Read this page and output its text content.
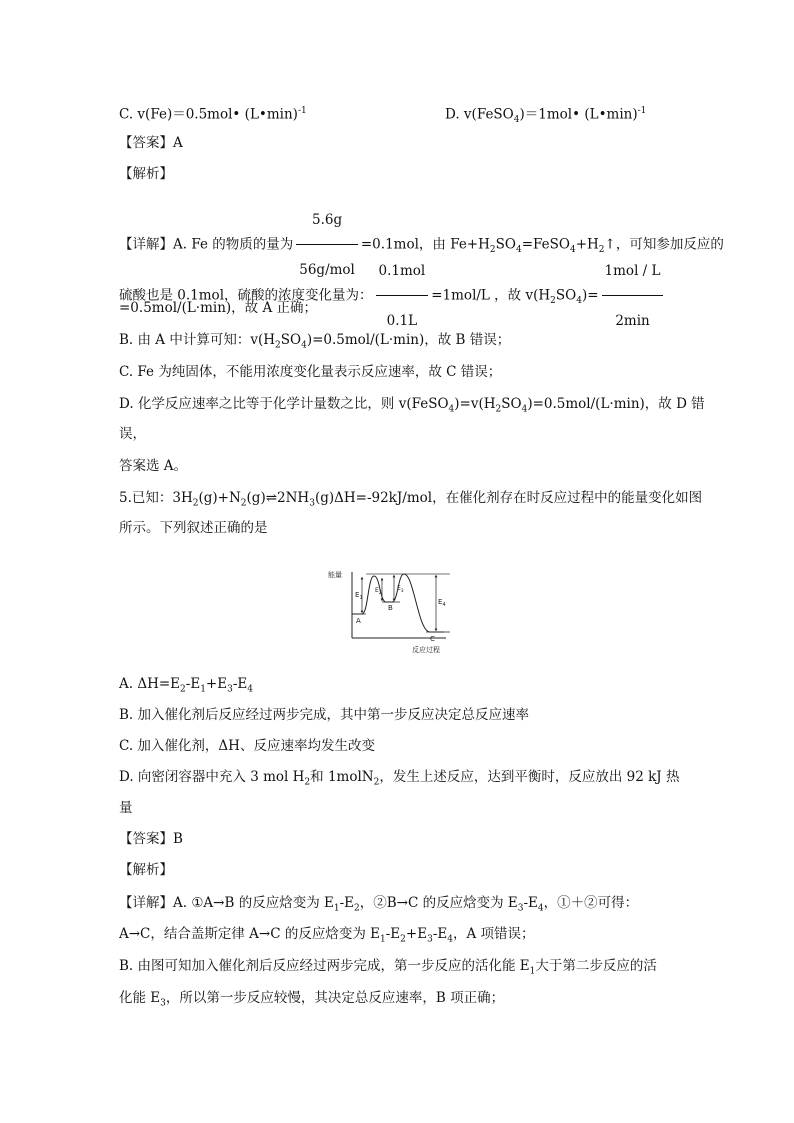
C. v(Fe)＝0.5mol• (L•min)$^{-1}$	D. v(FeSO$_4$)＝1mol• (L•min)$^{-1}$
【答案】A
【解析】
【详解】A. Fe 的物质的量为 $\frac{5.6g}{\text{56g/mol}} =0.1mol$，由 $Fe+H_2SO_4=FeSO_4+H_2↑$，可知参加反应的
硫酸也是 0.1mol，硫酸的浓度变化量为： $\frac{\text{0.1mol}}{0.1L} =1mol/L$ ，故 $v(H_2SO_4)= \frac{\text{1mol / L}}{2\min}$
=0.5mol/(L·min)，故 A 正确；
B. 由 A 中计算可知：$v(H_2SO_4)=0.5mol/(L\cdot\min)$，故 B 错误；
C. Fe 为纯固体，不能用浓度变化量表示反应速率，故 C 错误；
D. 化学反应速率之比等于化学计量数之比，则 $v(FeSO_4)=v(H_2SO_4)=0.5mol/(L\cdot\min)$，故 D 错
误，
答案选 A。
5.已知：$3H_2(g)+N_2(g)\rightleftharpoons 2NH_3(g)\Delta H=-92kJ$/mol，在催化剂存在时反应过程中的能量变化如图
所示。下列叙述正确的是
能量
反应过程
A
B
C
$E_1$
$E_2$
$E_3$
$E_4$
A. $\Delta H=E_2-E_1+E_3-E_4$
B. 加入催化剂后反应经过两步完成，其中第一步反应决定总反应速率
C. 加入催化剂，ΔH、反应速率均发生改变
D. 向密闭容器中充入 3 mol $H_2$和 1molN$_2$，发生上述反应，达到平衡时，反应放出 92 kJ 热
量
【答案】B
【解析】
【详解】A. ①A→B 的反应焓变为 $E_1-E_2$，②B→C 的反应焓变为 $E_3-E_4$，①＋②可得：
A→C，结合盖斯定律 A→C 的反应焓变为 $E_1-E_2+E_3-E_4$，A 项错误；
B. 由图可知加入催化剂后反应经过两步完成，第一步反应的活化能 $E_1$大于第二步反应的活
化能 $E_3$，所以第一步反应较慢，其决定总反应速率，B 项正确；
